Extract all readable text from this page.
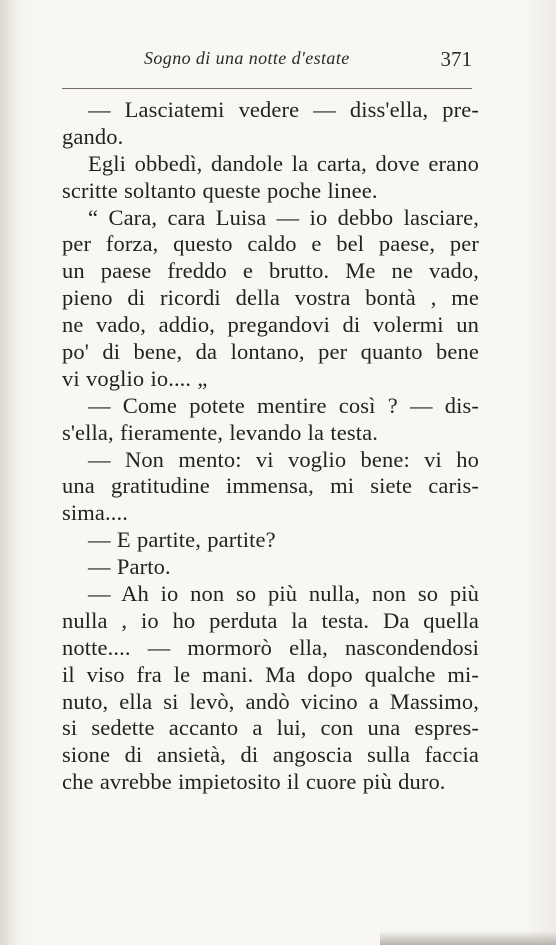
Sogno di una notte d'estate	371
— Lasciatemi vedere — diss'ella, pre-
gando.
Egli obbedì, dandole la carta, dove erano
scritte soltanto queste poche linee.
“ Cara, cara Luisa — io debbo lasciare,
per forza, questo caldo e bel paese, per
un paese freddo e brutto. Me ne vado,
pieno di ricordi della vostra bontà , me
ne vado, addio, pregandovi di volermi un
po' di bene, da lontano, per quanto bene
vi voglio io.... „
— Come potete mentire così ? — dis-
s'ella, fieramente, levando la testa.
— Non mento: vi voglio bene: vi ho
una gratitudine immensa, mi siete caris-
sima....
— E partite, partite?
— Parto.
— Ah io non so più nulla, non so più
nulla , io ho perduta la testa. Da quella
notte.... — mormorò ella, nascondendosi
il viso fra le mani. Ma dopo qualche mi-
nuto, ella si levò, andò vicino a Massimo,
si sedette accanto a lui, con una espres-
sione di ansietà, di angoscia sulla faccia
che avrebbe impietosito il cuore più duro.
